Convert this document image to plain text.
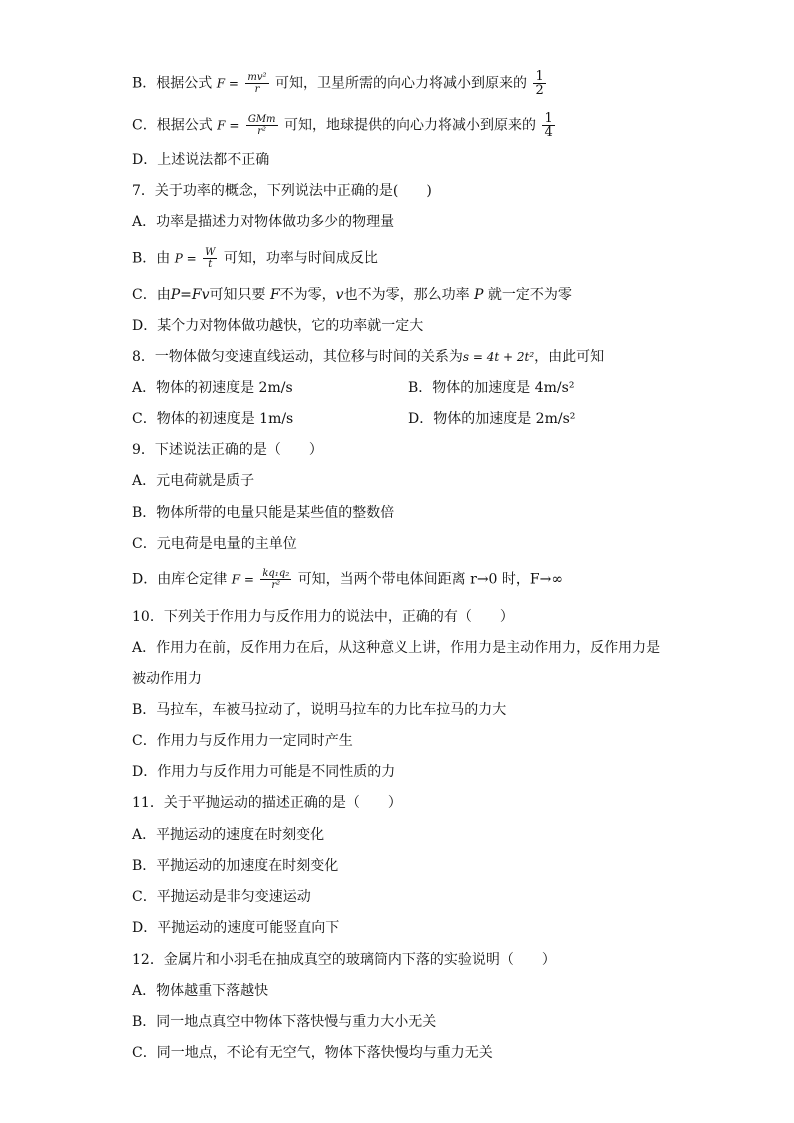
B．根据公式 $F = \frac{\text{mv²}}{r}$ 可知，卫星所需的向心力将减小到原来的 $\frac{1}{2}$
C．根据公式 $F = \frac{\text{GMm}}{\text{r²}}$ 可知，地球提供的向心力将减小到原来的 $\frac{1}{4}$
D．上述说法都不正确
7．关于功率的概念，下列说法中正确的是(　　)
A．功率是描述力对物体做功多少的物理量
B．由 $P = \frac{W}{t}$ 可知，功率与时间成反比
C．由P=Fv可知只要 F不为零，v也不为零，那么功率 P 就一定不为零
D．某个力对物体做功越快，它的功率就一定大
8．一物体做匀变速直线运动，其位移与时间的关系为s = 4t + 2t²，由此可知
A．物体的初速度是 2m/s	B．物体的加速度是 4m/s²
C．物体的初速度是 1m/s	D．物体的加速度是 2m/s²
9．下述说法正确的是（　　）
A．元电荷就是质子
B．物体所带的电量只能是某些值的整数倍
C．元电荷是电量的主单位
D．由库仑定律 $F = \frac{\text{kq₁q₂}}{\text{r²}}$ 可知，当两个带电体间距离 r→0 时，F→∞
10．下列关于作用力与反作用力的说法中，正确的有（　　）
A．作用力在前，反作用力在后，从这种意义上讲，作用力是主动作用力，反作用力是
被动作用力
B．马拉车，车被马拉动了，说明马拉车的力比车拉马的力大
C．作用力与反作用力一定同时产生
D．作用力与反作用力可能是不同性质的力
11．关于平抛运动的描述正确的是（　　）
A．平抛运动的速度在时刻变化
B．平抛运动的加速度在时刻变化
C．平抛运动是非匀变速运动
D．平抛运动的速度可能竖直向下
12．金属片和小羽毛在抽成真空的玻璃筒内下落的实验说明（　　）
A．物体越重下落越快
B．同一地点真空中物体下落快慢与重力大小无关
C．同一地点，不论有无空气，物体下落快慢均与重力无关
